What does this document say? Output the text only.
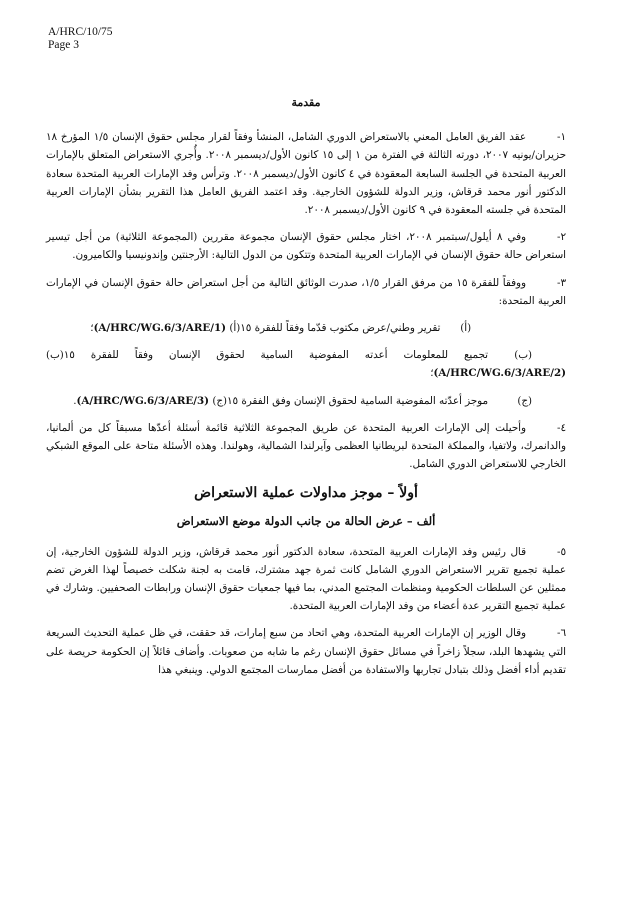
A/HRC/10/75
Page 3

مقدمة

١-عقد الفريق العامل المعني بالاستعراض الدوري الشامل، المنشأ وفقاً لقرار مجلس حقوق الإنسان ١/٥ المؤرخ ١٨ حزيران/يونيه ٢٠٠٧، دورته الثالثة في الفترة من ١ إلى ١٥ كانون الأول/ديسمبر ٢٠٠٨. وأُجري الاستعراض المتعلق بالإمارات العربية المتحدة في الجلسة السابعة المعقودة في ٤ كانون الأول/ديسمبر ٢٠٠٨. وترأس وفد الإمارات العربية المتحدة سعادة الدكتور أنور محمد قرقاش، وزير الدولة للشؤون الخارجية. وقد اعتمد الفريق العامل هذا التقرير بشأن الإمارات العربية المتحدة في جلسته المعقودة في ٩ كانون الأول/ديسمبر ٢٠٠٨.

٢-وفي ٨ أيلول/سبتمبر ٢٠٠٨، اختار مجلس حقوق الإنسان مجموعة مقررين (المجموعة الثلاثية) من أجل تيسير استعراض حالة حقوق الإنسان في الإمارات العربية المتحدة وتتكون من الدول التالية: الأرجنتين وإندونيسيا والكاميرون.

٣-ووفقاً للفقرة ١٥ من مرفق القرار ١/٥، صدرت الوثائق التالية من أجل استعراض حالة حقوق الإنسان في الإمارات العربية المتحدة:

(أ) تقرير وطني/عرض مكتوب قدّما وفقاً للفقرة ١٥(أ) (A/HRC/WG.6/3/ARE/1)؛

(ب)تجميع للمعلومات أعدته المفوضية السامية لحقوق الإنسان وفقاً للفقرة ١٥(ب) (A/HRC/WG.6/3/ARE/2)؛

(ج)موجز أعدّته المفوضية السامية لحقوق الإنسان وفق الفقرة ١٥(ج) (A/HRC/WG.6/3/ARE/3).

٤-وأحيلت إلى الإمارات العربية المتحدة عن طريق المجموعة الثلاثية قائمة أسئلة أعدّها مسبقاً كل من ألمانيا، والدانمرك، ولاتفيا، والمملكة المتحدة لبريطانيا العظمى وآيرلندا الشمالية، وهولندا. وهذه الأسئلة متاحة على الموقع الشبكي الخارجي للاستعراض الدوري الشامل.

أولاً – موجز مداولات عملية الاستعراض

ألف – عرض الحالة من جانب الدولة موضع الاستعراض

٥-قال رئيس وفد الإمارات العربية المتحدة، سعادة الدكتور أنور محمد قرقاش، وزير الدولة للشؤون الخارجية، إن عملية تجميع تقرير الاستعراض الدوري الشامل كانت ثمرة جهد مشترك، قامت به لجنة شكلت خصيصاً لهذا الغرض تضم ممثلين عن السلطات الحكومية ومنظمات المجتمع المدني، بما فيها جمعيات حقوق الإنسان ورابطات الصحفيين. وشارك في عملية تجميع التقرير عدة أعضاء من وفد الإمارات العربية المتحدة.

٦-وقال الوزير إن الإمارات العربية المتحدة، وهي اتحاد من سبع إمارات، قد حققت، في ظل عملية التحديث السريعة التي يشهدها البلد، سجلاً زاخراً في مسائل حقوق الإنسان رغم ما شابه من صعوبات. وأضاف قائلاً إن الحكومة حريصة على تقديم أداء أفضل وذلك بتبادل تجاربها والاستفادة من أفضل ممارسات المجتمع الدولي. وينبغي هذا
